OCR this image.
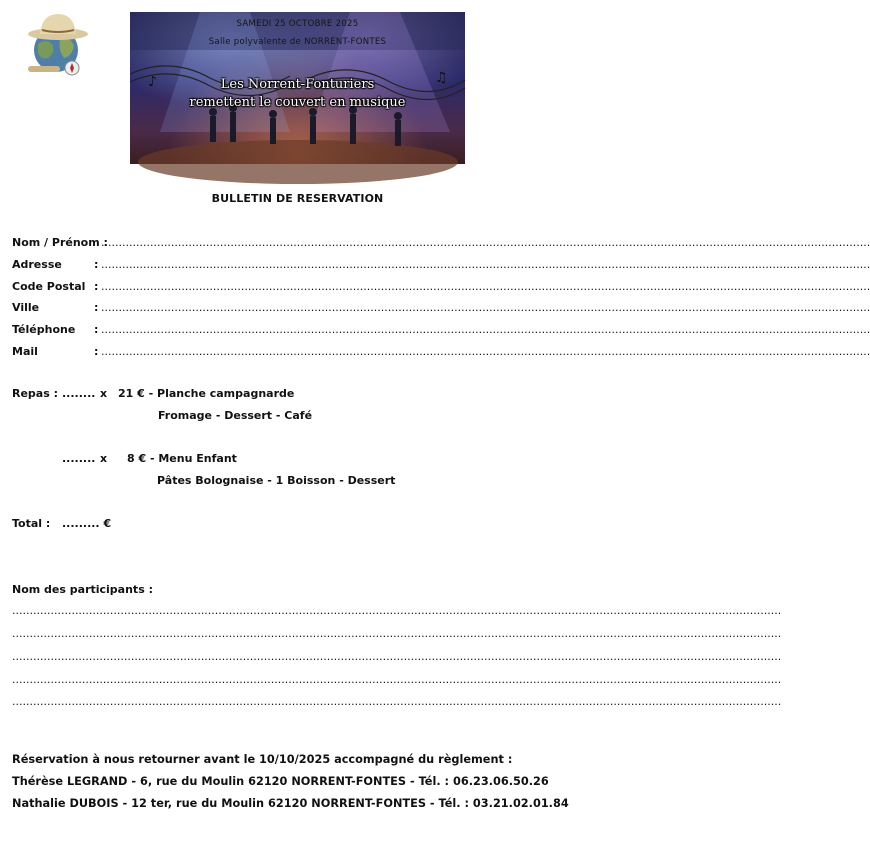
♪	♫
SAMEDI 25 OCTOBRE 2025
Salle polyvalente de NORRENT-FONTES
Les Norrent-Fonturiers
remettent le couvert en musique
BULLETIN DE RESERVATION
Nom / Prénom :
............................................................................................................................................................................................................................
Adresse	: ............................................................................................................................................................................................................................
Code Postal : ............................................................................................................................................................................................................................
Ville	: ............................................................................................................................................................................................................................
Téléphone : ............................................................................................................................................................................................................................
Mail	: ............................................................................................................................................................................................................................
Repas : ........ x 21 € - Planche campagnarde
Fromage - Dessert - Café
........ x 8 € - Menu Enfant
Pâtes Bolognaise - 1 Boisson - Dessert
Total : ......... €
Nom des participants :
............................................................................................................................................................................................................................
............................................................................................................................................................................................................................
............................................................................................................................................................................................................................
............................................................................................................................................................................................................................
............................................................................................................................................................................................................................
Réservation à nous retourner avant le 10/10/2025 accompagné du règlement :
Thérèse LEGRAND - 6, rue du Moulin 62120 NORRENT-FONTES - Tél. : 06.23.06.50.26
Nathalie DUBOIS - 12 ter, rue du Moulin 62120 NORRENT-FONTES - Tél. : 03.21.02.01.84
